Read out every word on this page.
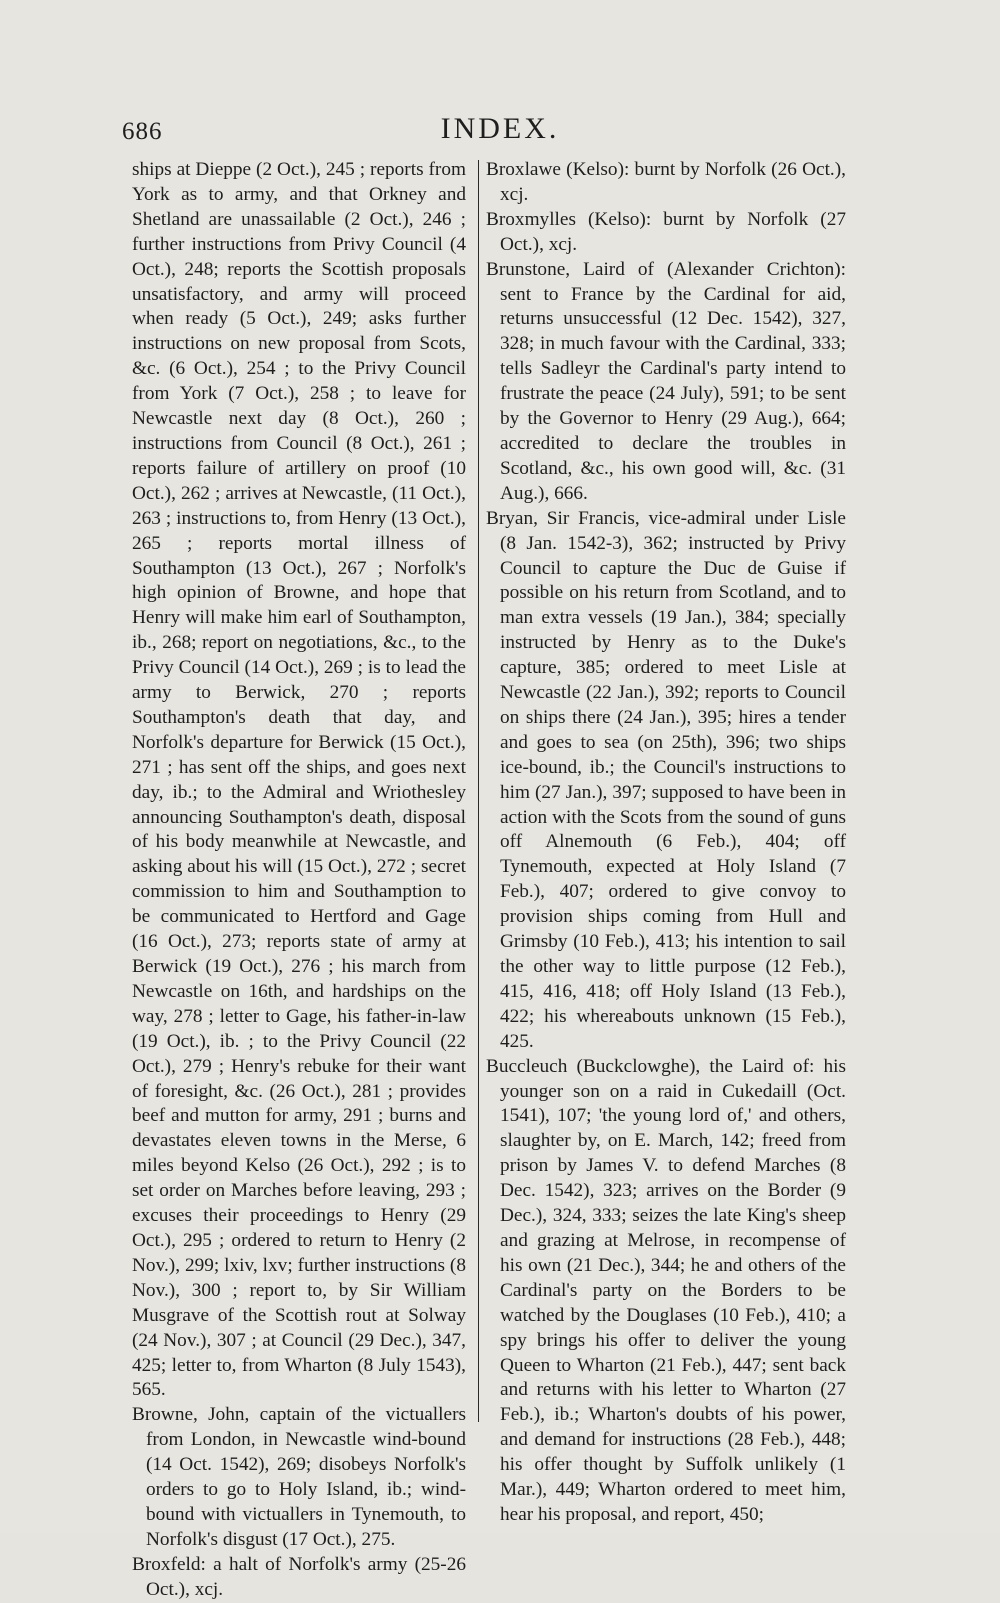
686	INDEX.

ships at Dieppe (2 Oct.), 245 ; reports from York as to army, and that Orkney and Shetland are unassailable (2 Oct.), 246 ; further instructions from Privy Council (4 Oct.), 248; reports the Scottish proposals unsatisfactory, and army will proceed when ready (5 Oct.), 249; asks further instructions on new proposal from Scots, &c. (6 Oct.), 254 ; to the Privy Council from York (7 Oct.), 258 ; to leave for Newcastle next day (8 Oct.), 260 ; instructions from Council (8 Oct.), 261 ; reports failure of artillery on proof (10 Oct.), 262 ; arrives at Newcastle, (11 Oct.), 263 ; instructions to, from Henry (13 Oct.), 265 ; reports mortal illness of Southampton (13 Oct.), 267 ; Norfolk's high opinion of Browne, and hope that Henry will make him earl of Southampton, ib., 268; report on negotiations, &c., to the Privy Council (14 Oct.), 269 ; is to lead the army to Berwick, 270 ; reports Southampton's death that day, and Norfolk's departure for Berwick (15 Oct.), 271 ; has sent off the ships, and goes next day, ib.; to the Admiral and Wriothesley announcing Southampton's death, disposal of his body meanwhile at Newcastle, and asking about his will (15 Oct.), 272 ; secret commission to him and Southamption to be communicated to Hertford and Gage (16 Oct.), 273; reports state of army at Berwick (19 Oct.), 276 ; his march from Newcastle on 16th, and hardships on the way, 278 ; letter to Gage, his father-in-law (19 Oct.), ib. ; to the Privy Council (22 Oct.), 279 ; Henry's rebuke for their want of foresight, &c. (26 Oct.), 281 ; provides beef and mutton for army, 291 ; burns and devastates eleven towns in the Merse, 6 miles beyond Kelso (26 Oct.), 292 ; is to set order on Marches before leaving, 293 ; excuses their proceedings to Henry (29 Oct.), 295 ; ordered to return to Henry (2 Nov.), 299; lxiv, lxv; further instructions (8 Nov.), 300 ; report to, by Sir William Musgrave of the Scottish rout at Solway (24 Nov.), 307 ; at Council (29 Dec.), 347, 425; letter to, from Wharton (8 July 1543), 565.

Browne, John, captain of the victuallers from London, in Newcastle wind-bound (14 Oct. 1542), 269; disobeys Norfolk's orders to go to Holy Island, ib.; wind-bound with victuallers in Tynemouth, to Norfolk's disgust (17 Oct.), 275.

Broxfeld: a halt of Norfolk's army (25-26 Oct.), xcj.

Broxlawe (Kelso): burnt by Norfolk (26 Oct.), xcj.

Broxmylles (Kelso): burnt by Norfolk (27 Oct.), xcj.

Brunstone, Laird of (Alexander Crichton): sent to France by the Cardinal for aid, returns unsuccessful (12 Dec. 1542), 327, 328; in much favour with the Cardinal, 333; tells Sadleyr the Cardinal's party intend to frustrate the peace (24 July), 591; to be sent by the Governor to Henry (29 Aug.), 664; accredited to declare the troubles in Scotland, &c., his own good will, &c. (31 Aug.), 666.

Bryan, Sir Francis, vice-admiral under Lisle (8 Jan. 1542-3), 362; instructed by Privy Council to capture the Duc de Guise if possible on his return from Scotland, and to man extra vessels (19 Jan.), 384; specially instructed by Henry as to the Duke's capture, 385; ordered to meet Lisle at Newcastle (22 Jan.), 392; reports to Council on ships there (24 Jan.), 395; hires a tender and goes to sea (on 25th), 396; two ships ice-bound, ib.; the Council's instructions to him (27 Jan.), 397; supposed to have been in action with the Scots from the sound of guns off Alnemouth (6 Feb.), 404; off Tynemouth, expected at Holy Island (7 Feb.), 407; ordered to give convoy to provision ships coming from Hull and Grimsby (10 Feb.), 413; his intention to sail the other way to little purpose (12 Feb.), 415, 416, 418; off Holy Island (13 Feb.), 422; his whereabouts unknown (15 Feb.), 425.

Buccleuch (Buckclowghe), the Laird of: his younger son on a raid in Cukedaill (Oct. 1541), 107; 'the young lord of,' and others, slaughter by, on E. March, 142; freed from prison by James V. to defend Marches (8 Dec. 1542), 323; arrives on the Border (9 Dec.), 324, 333; seizes the late King's sheep and grazing at Melrose, in recompense of his own (21 Dec.), 344; he and others of the Cardinal's party on the Borders to be watched by the Douglases (10 Feb.), 410; a spy brings his offer to deliver the young Queen to Wharton (21 Feb.), 447; sent back and returns with his letter to Wharton (27 Feb.), ib.; Wharton's doubts of his power, and demand for instructions (28 Feb.), 448; his offer thought by Suffolk unlikely (1 Mar.), 449; Wharton ordered to meet him, hear his proposal, and report, 450;
